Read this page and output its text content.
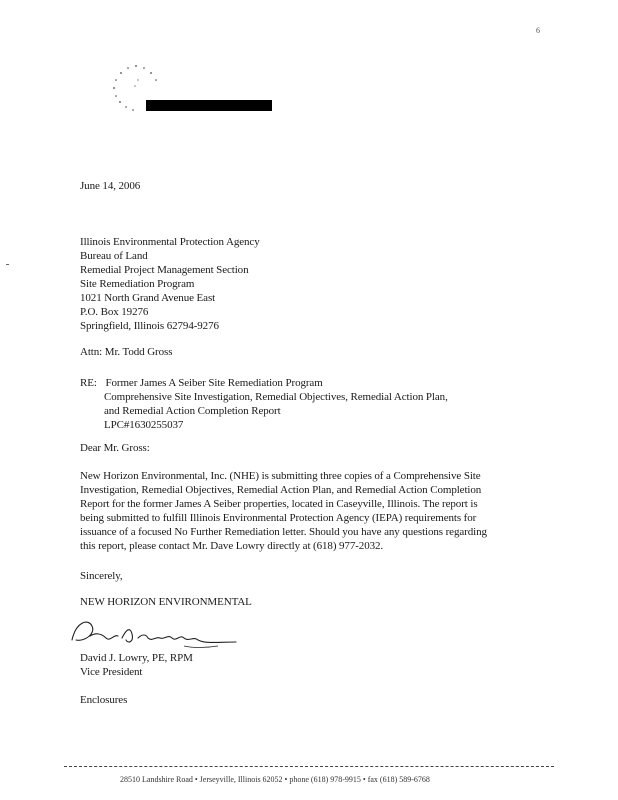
6
June 14, 2006
Illinois Environmental Protection Agency
Bureau of Land
Remedial Project Management Section
Site Remediation Program
1021 North Grand Avenue East
P.O. Box 19276
Springfield, Illinois 62794-9276
Attn: Mr. Todd Gross
RE: Former James A Seiber Site Remediation Program
Comprehensive Site Investigation, Remedial Objectives, Remedial Action Plan,
and Remedial Action Completion Report
LPC#1630255037
Dear Mr. Gross:
New Horizon Environmental, Inc. (NHE) is submitting three copies of a Comprehensive Site
Investigation, Remedial Objectives, Remedial Action Plan, and Remedial Action Completion
Report for the former James A Seiber properties, located in Caseyville, Illinois. The report is
being submitted to fulfill Illinois Environmental Protection Agency (IEPA) requirements for
issuance of a focused No Further Remediation letter. Should you have any questions regarding
this report, please contact Mr. Dave Lowry directly at (618) 977-2032.
Sincerely,
NEW HORIZON ENVIRONMENTAL
David J. Lowry, PE, RPM
Vice President
Enclosures
28510 Landshire Road • Jerseyville, Illinois 62052 • phone (618) 978-9915 • fax (618) 589-6768
